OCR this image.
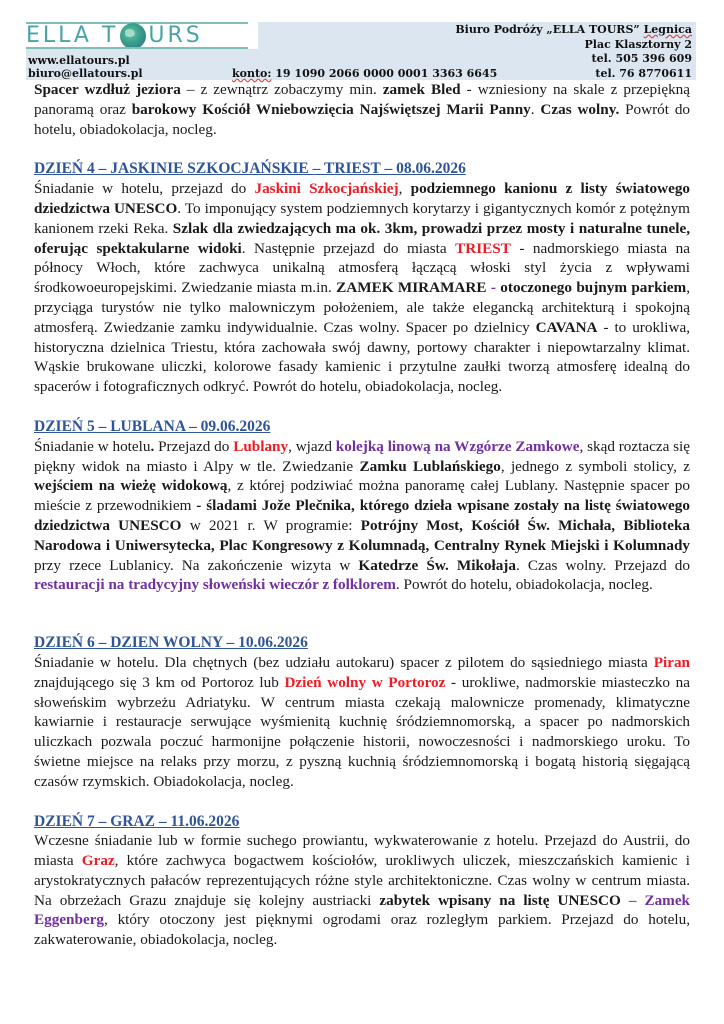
ELLA T URS
www.ellatours.pl
biuro@ellatours.pl	konto: 19 1090 2066 0000 0001 3363 6645
Biuro Podróży „ELLA TOURS” Legnica
Plac Klasztorny 2
tel. 505 396 609
tel. 76 8770611

Spacer wzdłuż jeziora – z zewnątrz zobaczymy min. zamek Bled - wzniesiony na skale z przepiękną panoramą oraz barokowy Kościół Wniebowzięcia Najświętszej Marii Panny. Czas wolny. Powrót do hotelu, obiadokolacja, nocleg.

DZIEŃ 4 – JASKINIE SZKOCJAŃSKIE – TRIEST – 08.06.2026

Śniadanie w hotelu, przejazd do Jaskini Szkocjańskiej, podziemnego kanionu z listy światowego dziedzictwa UNESCO. To imponujący system podziemnych korytarzy i gigantycznych komór z potężnym kanionem rzeki Reka. Szlak dla zwiedzających ma ok. 3km, prowadzi przez mosty i naturalne tunele, oferując spektakularne widoki. Następnie przejazd do miasta TRIEST - nadmorskiego miasta na północy Włoch, które zachwyca unikalną atmosferą łączącą włoski styl życia z wpływami środkowoeuropejskimi. Zwiedzanie miasta m.in. ZAMEK MIRAMARE - otoczonego bujnym parkiem, przyciąga turystów nie tylko malowniczym położeniem, ale także elegancką architekturą i spokojną atmosferą. Zwiedzanie zamku indywidualnie. Czas wolny. Spacer po dzielnicy CAVANA - to urokliwa, historyczna dzielnica Triestu, która zachowała swój dawny, portowy charakter i niepowtarzalny klimat. Wąskie brukowane uliczki, kolorowe fasady kamienic i przytulne zaułki tworzą atmosferę idealną do spacerów i fotograficznych odkryć. Powrót do hotelu, obiadokolacja, nocleg.

DZIEŃ 5 – LUBLANA – 09.06.2026

Śniadanie w hotelu. Przejazd do Lublany, wjazd kolejką linową na Wzgórze Zamkowe, skąd roztacza się piękny widok na miasto i Alpy w tle. Zwiedzanie Zamku Lublańskiego, jednego z symboli stolicy, z wejściem na wieżę widokową, z której podziwiać można panoramę całej Lublany. Następnie spacer po mieście z przewodnikiem - śladami Jože Plečnika, którego dzieła wpisane zostały na listę światowego dziedzictwa UNESCO w 2021 r. W programie: Potrójny Most, Kościół Św. Michała, Biblioteka Narodowa i Uniwersytecka, Plac Kongresowy z Kolumnadą, Centralny Rynek Miejski i Kolumnady przy rzece Lublanicy. Na zakończenie wizyta w Katedrze Św. Mikołaja. Czas wolny. Przejazd do restauracji na tradycyjny słoweński wieczór z folklorem. Powrót do hotelu, obiadokolacja, nocleg.

DZIEŃ 6 – DZIEN WOLNY – 10.06.2026

Śniadanie w hotelu. Dla chętnych (bez udziału autokaru) spacer z pilotem do sąsiedniego miasta Piran znajdującego się 3 km od Portoroz lub Dzień wolny w Portoroz - urokliwe, nadmorskie miasteczko na słoweńskim wybrzeżu Adriatyku. W centrum miasta czekają malownicze promenady, klimatyczne kawiarnie i restauracje serwujące wyśmienitą kuchnię śródziemnomorską, a spacer po nadmorskich uliczkach pozwala poczuć harmonijne połączenie historii, nowoczesności i nadmorskiego uroku. To świetne miejsce na relaks przy morzu, z pyszną kuchnią śródziemnomorską i bogatą historią sięgającą czasów rzymskich. Obiadokolacja, nocleg.

DZIEŃ 7 – GRAZ – 11.06.2026

Wczesne śniadanie lub w formie suchego prowiantu, wykwaterowanie z hotelu. Przejazd do Austrii, do miasta Graz, które zachwyca bogactwem kościołów, urokliwych uliczek, mieszczańskich kamienic i arystokratycznych pałaców reprezentujących różne style architektoniczne. Czas wolny w centrum miasta. Na obrzeżach Grazu znajduje się kolejny austriacki zabytek wpisany na listę UNESCO – Zamek Eggenberg, który otoczony jest pięknymi ogrodami oraz rozległym parkiem. Przejazd do hotelu, zakwaterowanie, obiadokolacja, nocleg.
